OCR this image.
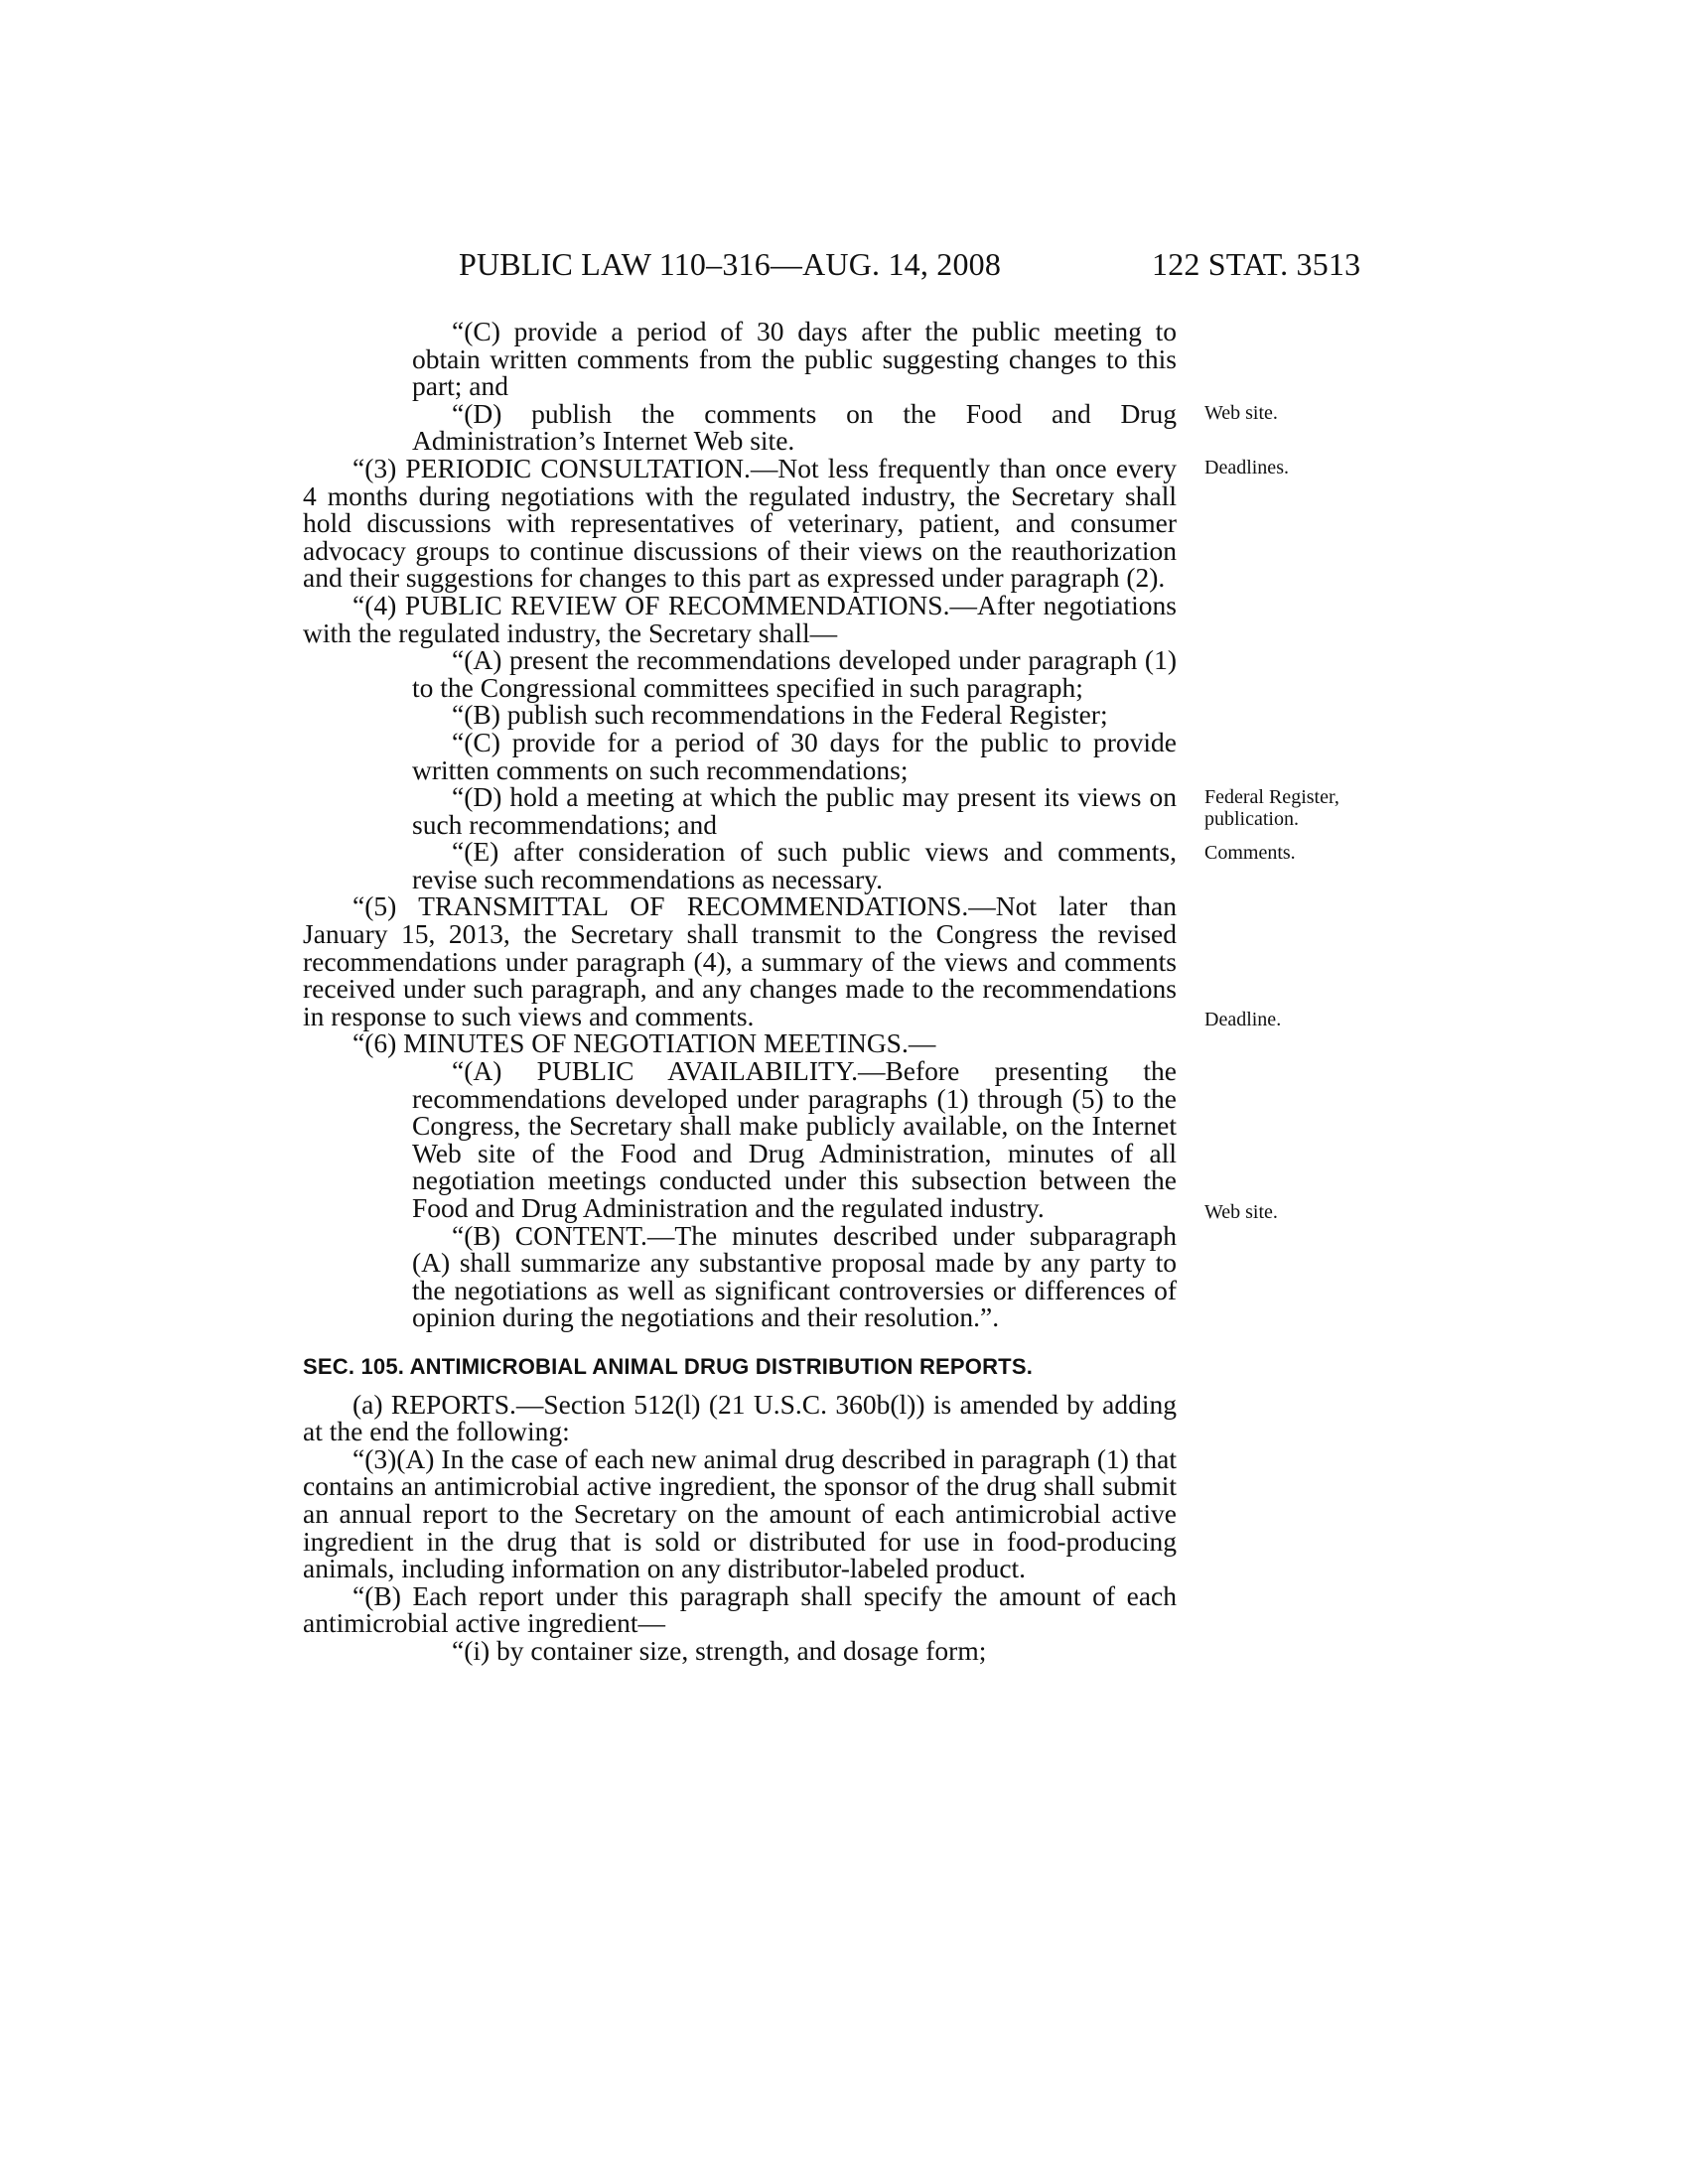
PUBLIC LAW 110–316—AUG. 14, 2008	122 STAT. 3513

“(C) provide a period of 30 days after the public meeting to obtain written comments from the public suggesting changes to this part; and

“(D) publish the comments on the Food and Drug Administration’s Internet Web site.

“(3) PERIODIC CONSULTATION.—Not less frequently than once every 4 months during negotiations with the regulated industry, the Secretary shall hold discussions with representatives of veterinary, patient, and consumer advocacy groups to continue discussions of their views on the reauthorization and their suggestions for changes to this part as expressed under paragraph (2).

“(4) PUBLIC REVIEW OF RECOMMENDATIONS.—After negotiations with the regulated industry, the Secretary shall—

“(A) present the recommendations developed under paragraph (1) to the Congressional committees specified in such paragraph;

“(B) publish such recommendations in the Federal Register;

“(C) provide for a period of 30 days for the public to provide written comments on such recommendations;

“(D) hold a meeting at which the public may present its views on such recommendations; and

“(E) after consideration of such public views and comments, revise such recommendations as necessary.

“(5) TRANSMITTAL OF RECOMMENDATIONS.—Not later than January 15, 2013, the Secretary shall transmit to the Congress the revised recommendations under paragraph (4), a summary of the views and comments received under such paragraph, and any changes made to the recommendations in response to such views and comments.

“(6) MINUTES OF NEGOTIATION MEETINGS.—

“(A) PUBLIC AVAILABILITY.—Before presenting the recommendations developed under paragraphs (1) through (5) to the Congress, the Secretary shall make publicly available, on the Internet Web site of the Food and Drug Administration, minutes of all negotiation meetings conducted under this subsection between the Food and Drug Administration and the regulated industry.

“(B) CONTENT.—The minutes described under subparagraph (A) shall summarize any substantive proposal made by any party to the negotiations as well as significant controversies or differences of opinion during the negotiations and their resolution.”.

SEC. 105. ANTIMICROBIAL ANIMAL DRUG DISTRIBUTION REPORTS.

(a) REPORTS.—Section 512(l) (21 U.S.C. 360b(l)) is amended by adding at the end the following:

“(3)(A) In the case of each new animal drug described in paragraph (1) that contains an antimicrobial active ingredient, the sponsor of the drug shall submit an annual report to the Secretary on the amount of each antimicrobial active ingredient in the drug that is sold or distributed for use in food-producing animals, including information on any distributor-labeled product.

“(B) Each report under this paragraph shall specify the amount of each antimicrobial active ingredient—

“(i) by container size, strength, and dosage form;

Web site.
Deadlines.
Federal Register, publication.
Comments.
Deadline.
Web site.
